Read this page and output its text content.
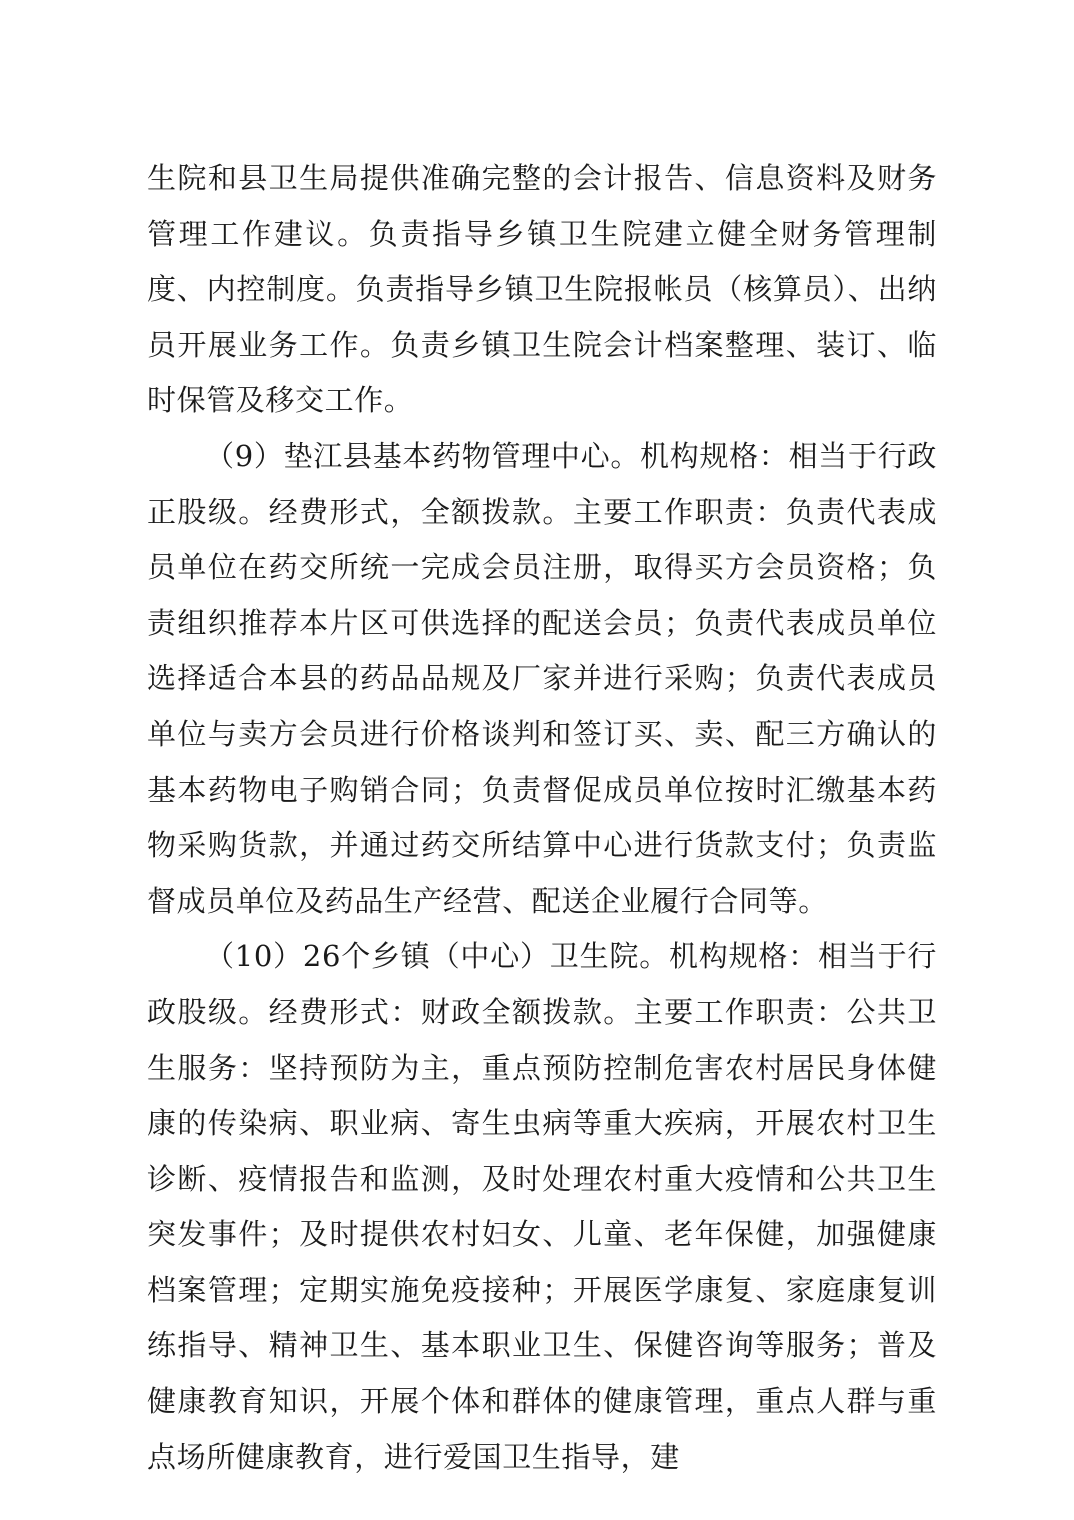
生院和县卫生局提供准确完整的会计报告、信息资料及财务管理工作建议。负责指导乡镇卫生院建立健全财务管理制度、内控制度。负责指导乡镇卫生院报帐员（核算员）、出纳员开展业务工作。负责乡镇卫生院会计档案整理、装订、临时保管及移交工作。

（9）垫江县基本药物管理中心。机构规格：相当于行政正股级。经费形式，全额拨款。主要工作职责：负责代表成员单位在药交所统一完成会员注册，取得买方会员资格；负责组织推荐本片区可供选择的配送会员；负责代表成员单位选择适合本县的药品品规及厂家并进行采购；负责代表成员单位与卖方会员进行价格谈判和签订买、卖、配三方确认的基本药物电子购销合同；负责督促成员单位按时汇缴基本药物采购货款，并通过药交所结算中心进行货款支付；负责监督成员单位及药品生产经营、配送企业履行合同等。

（10）26个乡镇（中心）卫生院。机构规格：相当于行政股级。经费形式：财政全额拨款。主要工作职责：公共卫生服务：坚持预防为主，重点预防控制危害农村居民身体健康的传染病、职业病、寄生虫病等重大疾病，开展农村卫生诊断、疫情报告和监测，及时处理农村重大疫情和公共卫生突发事件；及时提供农村妇女、儿童、老年保健，加强健康档案管理；定期实施免疫接种；开展医学康复、家庭康复训练指导、精神卫生、基本职业卫生、保健咨询等服务；普及健康教育知识，开展个体和群体的健康管理，重点人群与重点场所健康教育，进行爱国卫生指导，建
